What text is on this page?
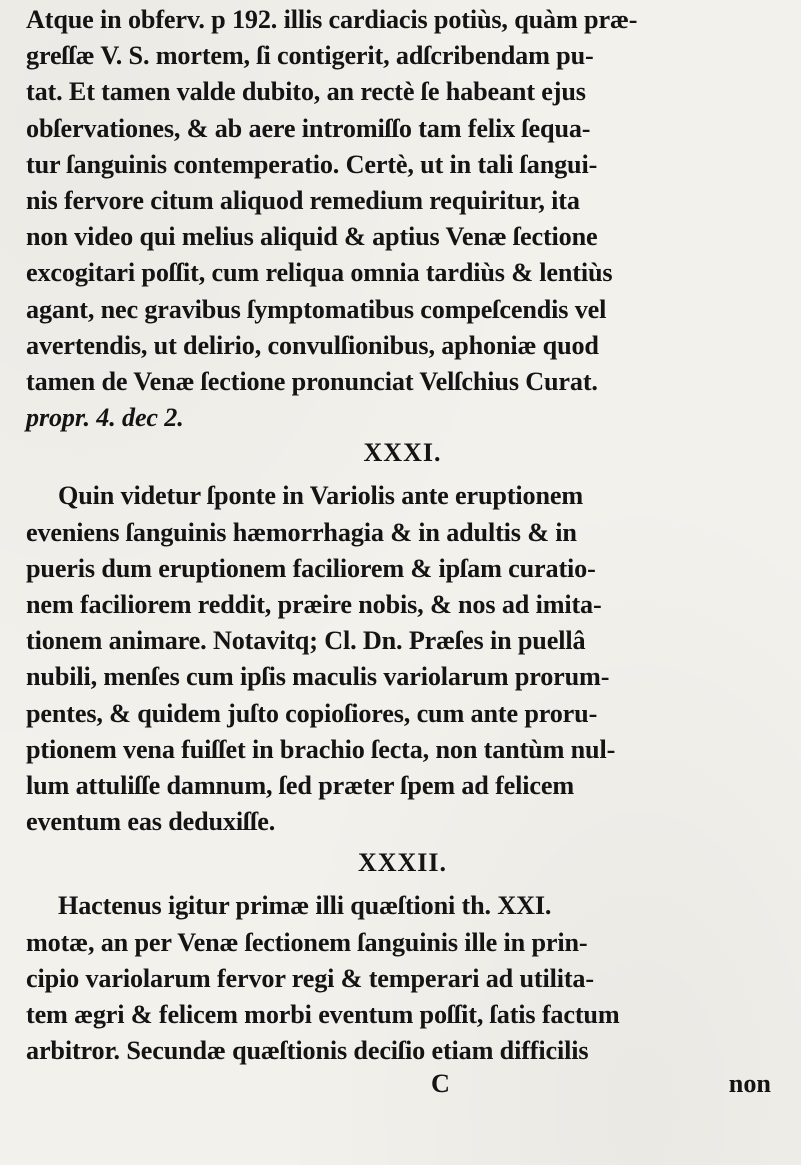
Atque in obferv. p 192. illis cardiacis potiùs, quàm præ-
greſſæ V. S. mortem, ſi contigerit, adſcribendam pu-
tat. Et tamen valde dubito, an rectè ſe habeant ejus
obſervationes, & ab aere intromiſſo tam felix ſequa-
tur ſanguinis contemperatio. Certè, ut in tali ſangui-
nis fervore citum aliquod remedium requiritur, ita
non video qui melius aliquid & aptius Venæ ſectione
excogitari poſſit, cum reliqua omnia tardiùs & lentiùs
agant, nec gravibus ſymptomatibus compeſcendis vel
avertendis, ut delirio, convulſionibus, aphoniæ quod
tamen de Venæ ſectione pronunciat Velſchius Curat.
propr. 4. dec 2.
XXXI.
Quin videtur ſponte in Variolis ante eruptionem
eveniens ſanguinis hæmorrhagia & in adultis & in
pueris dum eruptionem faciliorem & ipſam curatio-
nem faciliorem reddit, præire nobis, & nos ad imita-
tionem animare. Notavitq; Cl. Dn. Præſes in puellâ
nubili, menſes cum ipſis maculis variolarum prorum-
pentes, & quidem juſto copioſiores, cum ante proru-
ptionem vena fuiſſet in brachio ſecta, non tantùm nul-
lum attuliſſe damnum, ſed præter ſpem ad felicem
eventum eas deduxiſſe.
XXXII.
Hactenus igitur primæ illi quæſtioni th. XXI.
motæ, an per Venæ ſectionem ſanguinis ille in prin-
cipio variolarum fervor regi & temperari ad utilita-
tem ægri & felicem morbi eventum poſſit, ſatis factum
arbitror. Secundæ quæſtionis deciſio etiam difficilis
C	non
